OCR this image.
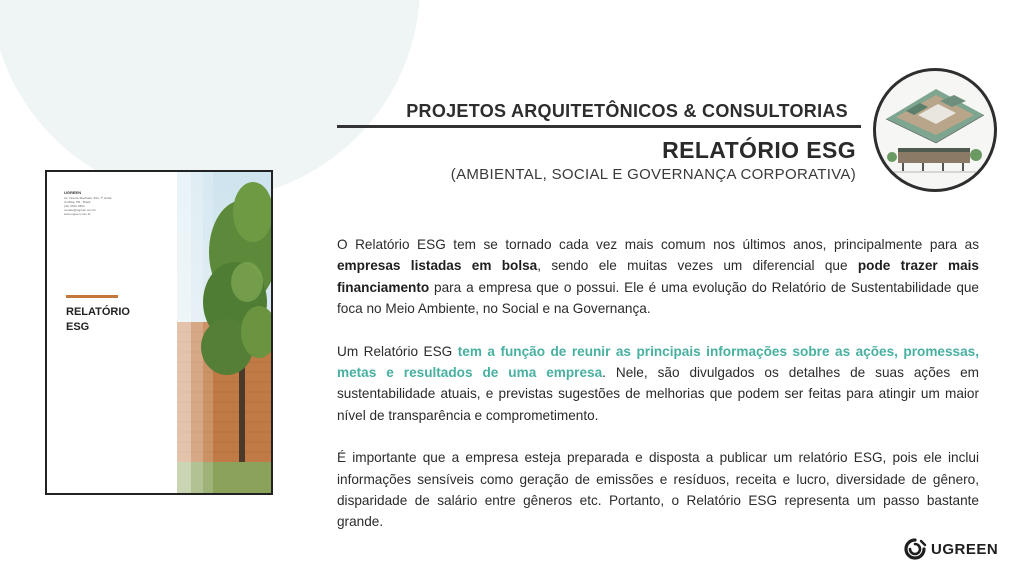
PROJETOS ARQUITETÔNICOS & CONSULTORIAS
RELATÓRIO ESG
(AMBIENTAL, SOCIAL E GOVERNANÇA CORPORATIVA)
UGREEN
Av. Vicente Machado, 664, 7º andar
Curitiba, PR - Brasil
(41) 3013-3394
contato@ugreen.com.br
www.ugreen.com.br
RELATÓRIO
ESG

O Relatório ESG tem se tornado cada vez mais comum nos últimos anos, principalmente para as empresas listadas em bolsa, sendo ele muitas vezes um diferencial que pode trazer mais financiamento para a empresa que o possui. Ele é uma evolução do Relatório de Sustentabilidade que foca no Meio Ambiente, no Social e na Governança.

Um Relatório ESG tem a função de reunir as principais informações sobre as ações, promessas, metas e resultados de uma empresa. Nele, são divulgados os detalhes de suas ações em sustentabilidade atuais, e previstas sugestões de melhorias que podem ser feitas para atingir um maior nível de transparência e comprometimento.

É importante que a empresa esteja preparada e disposta a publicar um relatório ESG, pois ele inclui informações sensíveis como geração de emissões e resíduos, receita e lucro, diversidade de gênero, disparidade de salário entre gêneros etc. Portanto, o Relatório ESG representa um passo bastante grande.

UGREEN
